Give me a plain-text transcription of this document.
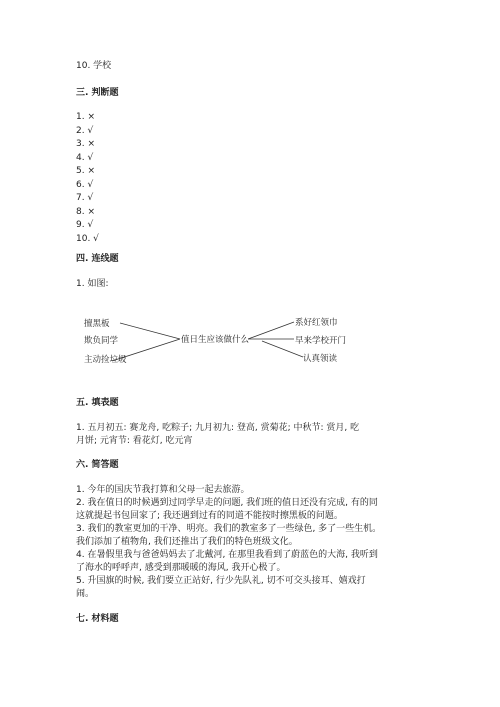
10. 学校
三. 判断题
1. ×
2. √
3. ×
4. √
5. ×
6. √
7. √
8. ×
9. √
10. √
四. 连线题
1. 如图:
擅黑板
欺负同学
主动捡垃圾
值日生应该做什么
系好红领巾
早来学校开门
认真领读
五. 填表题
1. 五月初五: 赛龙舟, 吃粽子; 九月初九: 登高, 赏菊花; 中秋节: 赏月, 吃
月饼; 元宵节: 看花灯, 吃元宵
六. 简答题
1. 今年的国庆节我打算和父母一起去旅游。
2. 我在值日的时候遇到过同学早走的问题, 我们班的值日还没有完成, 有的同
这就提起书包回家了; 我还遇到过有的同道不能按时擦黑板的问题。
3. 我们的教室更加的干净、明亮。我们的教室多了一些绿色, 多了一些生机。
我们添加了植物角, 我们还推出了我们的特色班级文化。
4. 在暑假里我与爸爸妈妈去了北戴河, 在那里我看到了蔚蓝色的大海, 我听到
了海水的呼呼声, 感受到那暖暖的海风, 我开心极了。
5. 升国旗的时候, 我们要立正站好, 行少先队礼, 切不可交头接耳、嬉戏打
闹。
七. 材料题
